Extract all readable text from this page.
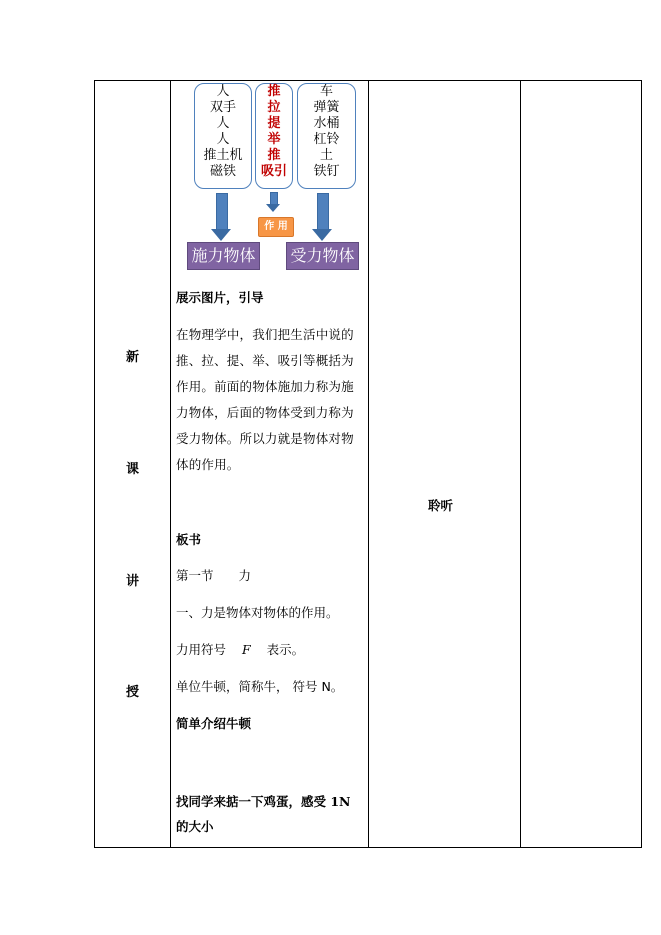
新
课
讲
授
人
双手
人
人
推土机
磁铁
推
拉
提
举
推
吸引
车
弹簧
水桶
杠铃
土
铁钉
作 用
施力物体 受力物体
展示图片，引导
在物理学中，我们把生活中说的推、拉、提、举、吸引等概括为作用。前面的物体施加力称为施力物体，后面的物体受到力称为受力物体。所以力就是物体对物体的作用。
板书
第一节　　力
一、力是物体对物体的作用。
力用符号 F 表示。
单位牛顿，简称牛， 符号 N。
简单介绍牛顿
找同学来掂一下鸡蛋，感受 1N 的大小
聆听
